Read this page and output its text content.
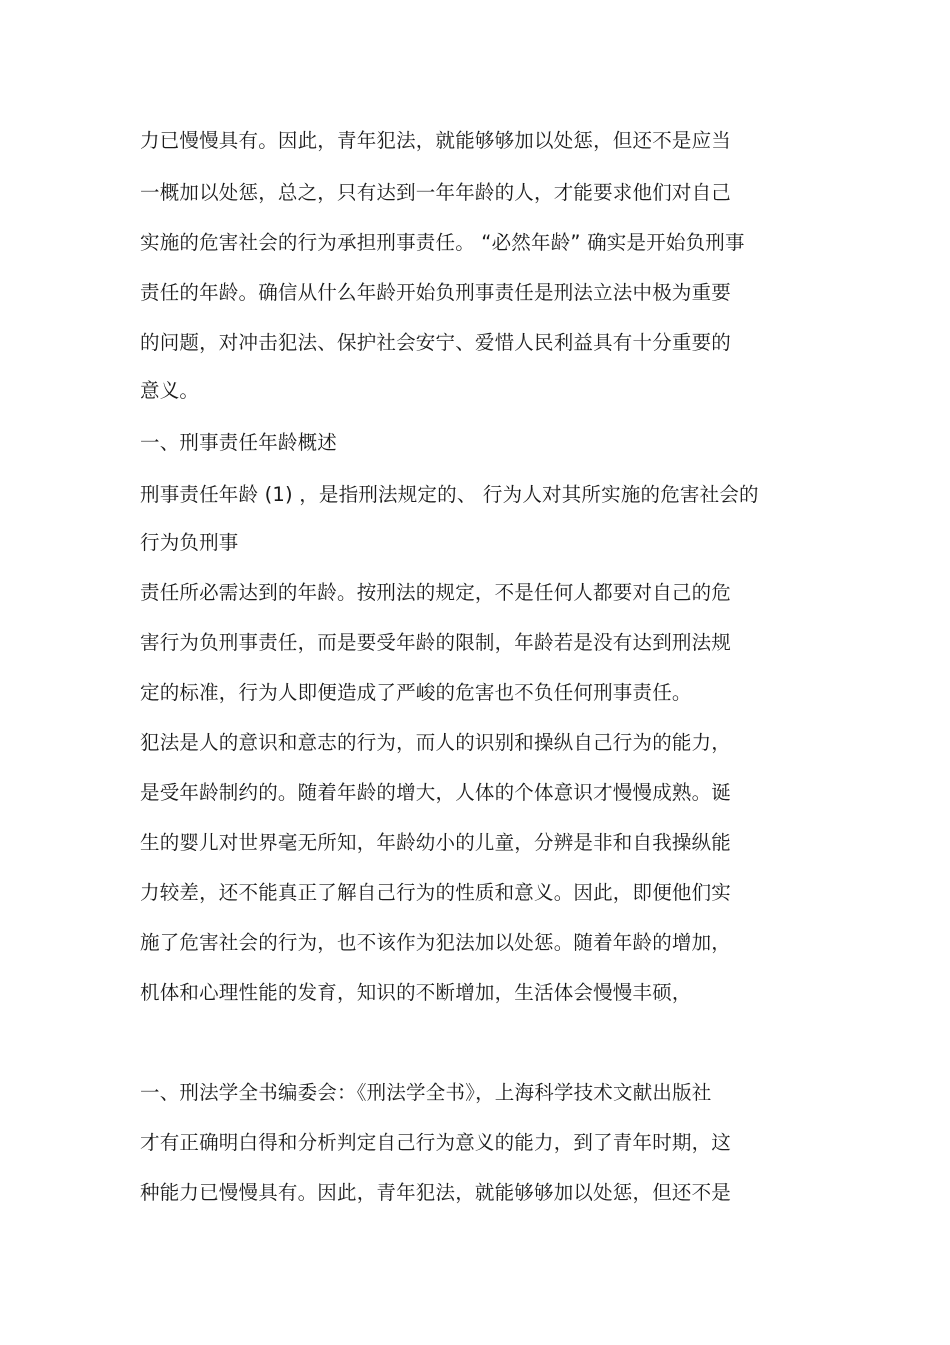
力已慢慢具有。因此，青年犯法，就能够够加以处惩，但还不是应当
一概加以处惩，总之，只有达到一年年龄的人，才能要求他们对自己
实施的危害社会的行为承担刑事责任。 “必然年龄” 确实是开始负刑事
责任的年龄。确信从什么年龄开始负刑事责任是刑法立法中极为重要
的问题，对冲击犯法、保护社会安宁、爱惜人民利益具有十分重要的
意义。
一、刑事责任年龄概述
刑事责任年龄 (1) ，是指刑法规定的、 行为人对其所实施的危害社会的
行为负刑事
责任所必需达到的年龄。按刑法的规定，不是任何人都要对自己的危
害行为负刑事责任，而是要受年龄的限制，年龄若是没有达到刑法规
定的标准，行为人即便造成了严峻的危害也不负任何刑事责任。
犯法是人的意识和意志的行为，而人的识别和操纵自己行为的能力，
是受年龄制约的。随着年龄的增大，人体的个体意识才慢慢成熟。诞
生的婴儿对世界毫无所知，年龄幼小的儿童，分辨是非和自我操纵能
力较差，还不能真正了解自己行为的性质和意义。因此，即便他们实
施了危害社会的行为，也不该作为犯法加以处惩。随着年龄的增加，
机体和心理性能的发育，知识的不断增加，生活体会慢慢丰硕，
一、刑法学全书编委会：《刑法学全书》，上海科学技术文献出版社
才有正确明白得和分析判定自己行为意义的能力，到了青年时期，这
种能力已慢慢具有。因此，青年犯法，就能够够加以处惩，但还不是
